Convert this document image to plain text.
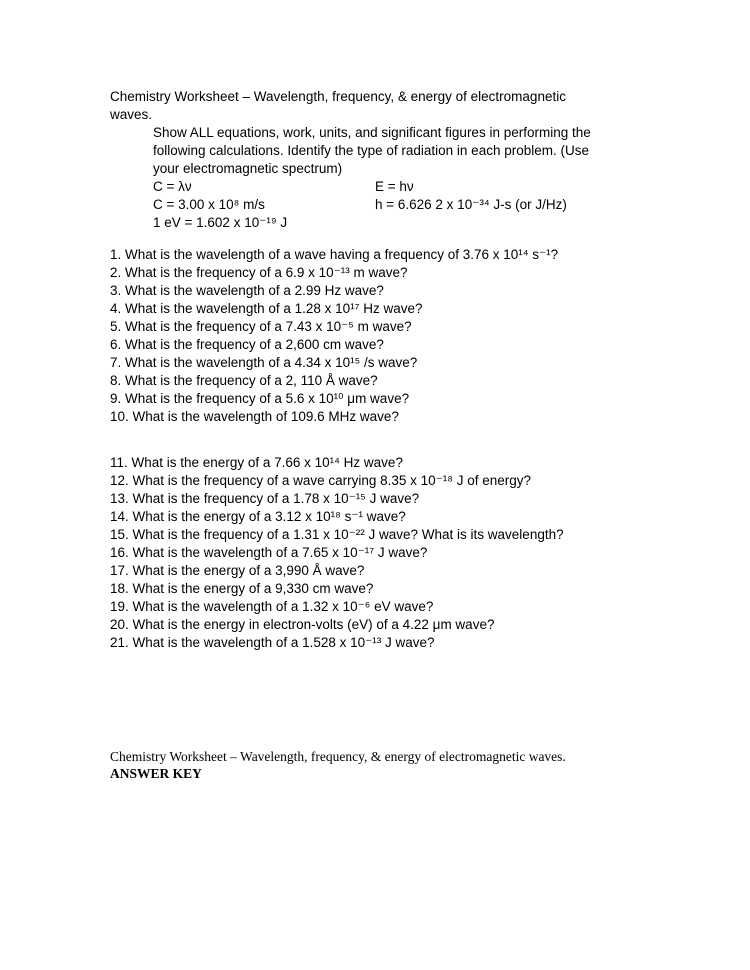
Chemistry Worksheet – Wavelength, frequency, & energy of electromagnetic waves.
Show ALL equations, work, units, and significant figures in performing the following calculations. Identify the type of radiation in each problem. (Use your electromagnetic spectrum)
C = λν	E = hν
C = 3.00 x 10⁸ m/s	h = 6.626 2 x 10⁻³⁴ J-s (or J/Hz)
1 eV = 1.602 x 10⁻¹⁹ J
1. What is the wavelength of a wave having a frequency of 3.76 x 10¹⁴ s⁻¹?
2. What is the frequency of a 6.9 x 10⁻¹³ m wave?
3. What is the wavelength of a 2.99 Hz wave?
4. What is the wavelength of a 1.28 x 10¹⁷ Hz wave?
5. What is the frequency of a 7.43 x 10⁻⁵ m wave?
6. What is the frequency of a 2,600 cm wave?
7. What is the wavelength of a 4.34 x 10¹⁵ /s wave?
8. What is the frequency of a 2, 110 Å wave?
9. What is the frequency of a 5.6 x 10¹⁰ μm wave?
10. What is the wavelength of 109.6 MHz wave?
11. What is the energy of a 7.66 x 10¹⁴ Hz wave?
12. What is the frequency of a wave carrying 8.35 x 10⁻¹⁸ J of energy?
13. What is the frequency of a 1.78 x 10⁻¹⁵ J wave?
14. What is the energy of a 3.12 x 10¹⁸ s⁻¹ wave?
15. What is the frequency of a 1.31 x 10⁻²² J wave? What is its wavelength?
16. What is the wavelength of a 7.65 x 10⁻¹⁷ J wave?
17. What is the energy of a 3,990 Å wave?
18. What is the energy of a 9,330 cm wave?
19. What is the wavelength of a 1.32 x 10⁻⁶ eV wave?
20. What is the energy in electron-volts (eV) of a 4.22 μm wave?
21. What is the wavelength of a 1.528 x 10⁻¹³ J wave?
Chemistry Worksheet – Wavelength, frequency, & energy of electromagnetic waves.
ANSWER KEY
